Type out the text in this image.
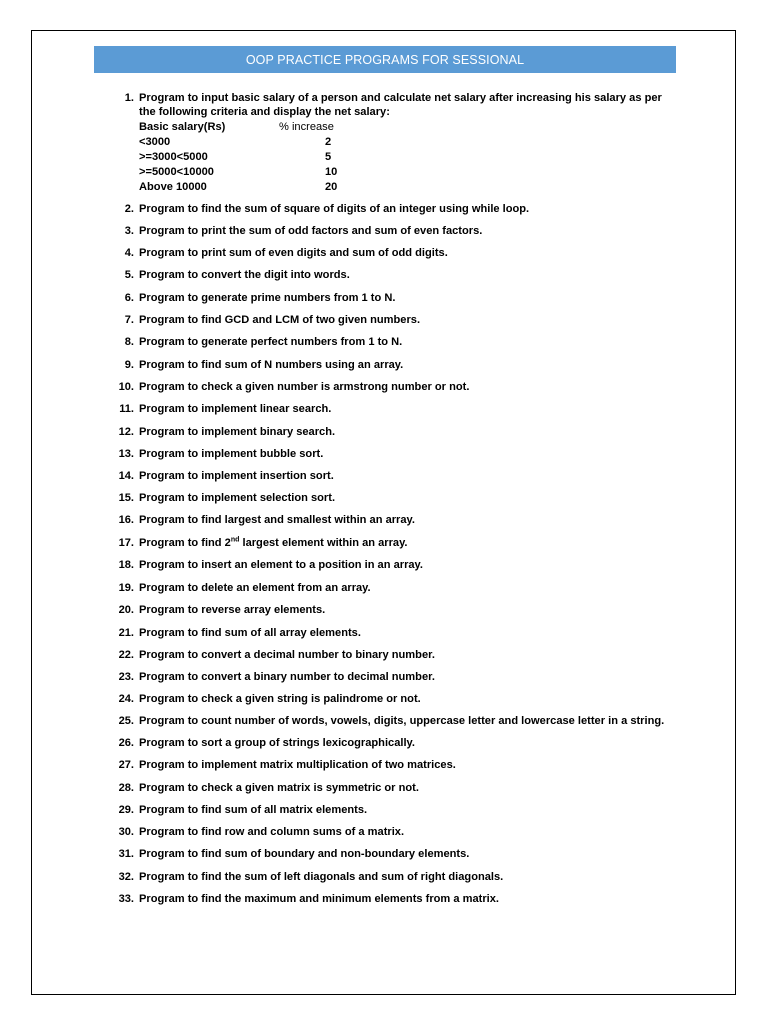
OOP PRACTICE PROGRAMS FOR SESSIONAL
1. Program to input basic salary of a person and calculate net salary after increasing his salary as per
the following criteria and display the net salary:
Basic salary(Rs)	% increase
<3000	2
>=3000<5000	5
>=5000<10000	10
Above 10000	20
2. Program to find the sum of square of digits of an integer using while loop.
3. Program to print the sum of odd factors and sum of even factors.
4. Program to print sum of even digits and sum of odd digits.
5. Program to convert the digit into words.
6. Program to generate prime numbers from 1 to N.
7. Program to find GCD and LCM of two given numbers.
8. Program to generate perfect numbers from 1 to N.
9. Program to find sum of N numbers using an array.
10. Program to check a given number is armstrong number or not.
11. Program to implement linear search.
12. Program to implement binary search.
13. Program to implement bubble sort.
14. Program to implement insertion sort.
15. Program to implement selection sort.
16. Program to find largest and smallest within an array.
17. Program to find 2nd largest element within an array.
18. Program to insert an element to a position in an array.
19. Program to delete an element from an array.
20. Program to reverse array elements.
21. Program to find sum of all array elements.
22. Program to convert a decimal number to binary number.
23. Program to convert a binary number to decimal number.
24. Program to check a given string is palindrome or not.
25. Program to count number of words, vowels, digits, uppercase letter and lowercase letter in a string.
26. Program to sort a group of strings lexicographically.
27. Program to implement matrix multiplication of two matrices.
28. Program to check a given matrix is symmetric or not.
29. Program to find sum of all matrix elements.
30. Program to find row and column sums of a matrix.
31. Program to find sum of boundary and non-boundary elements.
32. Program to find the sum of left diagonals and sum of right diagonals.
33. Program to find the maximum and minimum elements from a matrix.
